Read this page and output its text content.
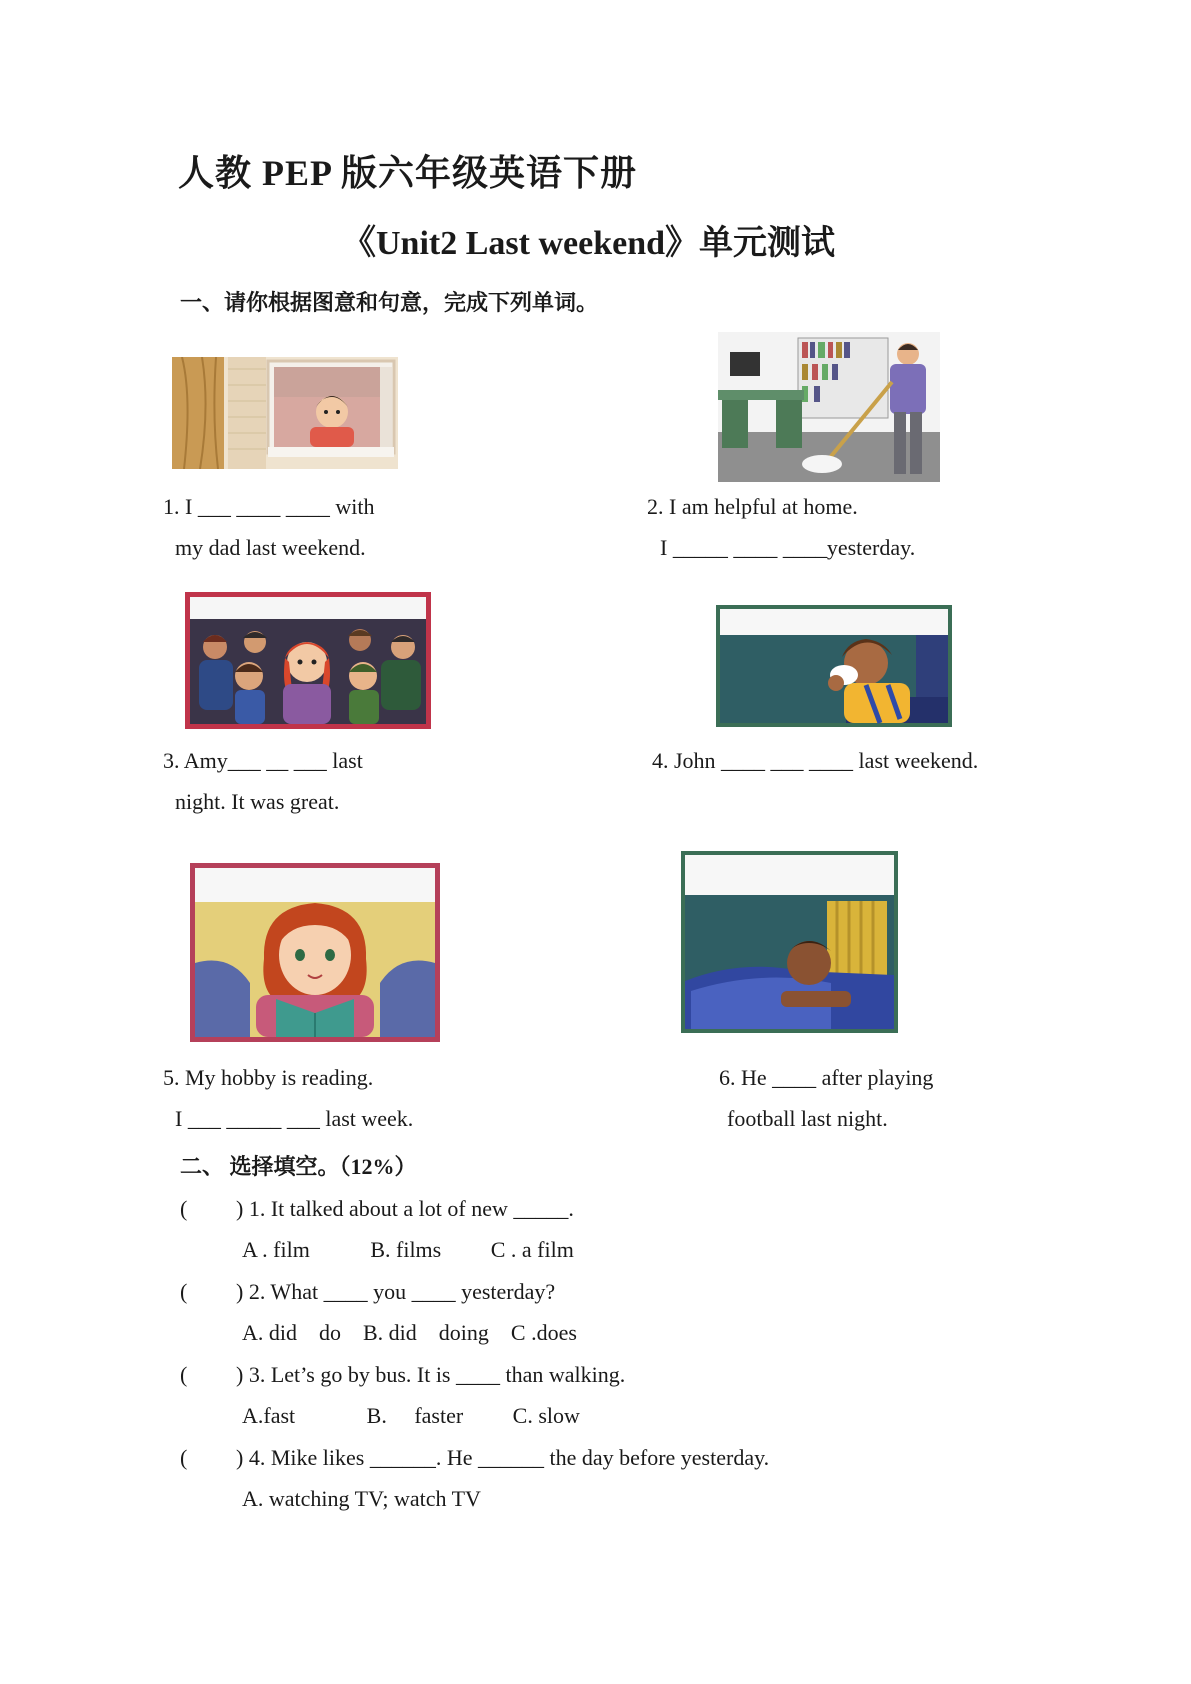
人教 PEP 版六年级英语下册
《Unit2 Last weekend》单元测试
一、请你根据图意和句意，完成下列单词。
1. I ___ ____ ____ with
my dad last weekend.
2. I am helpful at home.
I _____ ____ ____yesterday.
3. Amy___ __ ___ last
night. It was great.
4. John ____ ___ ____ last weekend.
5. My hobby is reading.
I ___ _____ ___ last week.
6. He ____ after playing
football last night.
二、 选择填空。（12%）
( ) 1. It talked about a lot of new _____.
A . film           B. films         C . a film
( ) 2. What ____ you ____ yesterday?
A. did    do    B. did    doing    C .does
( ) 3. Let’s go by bus. It is ____ than walking.
A.fast             B.     faster         C. slow
( ) 4. Mike likes ______. He ______ the day before yesterday.
A. watching TV; watch TV
